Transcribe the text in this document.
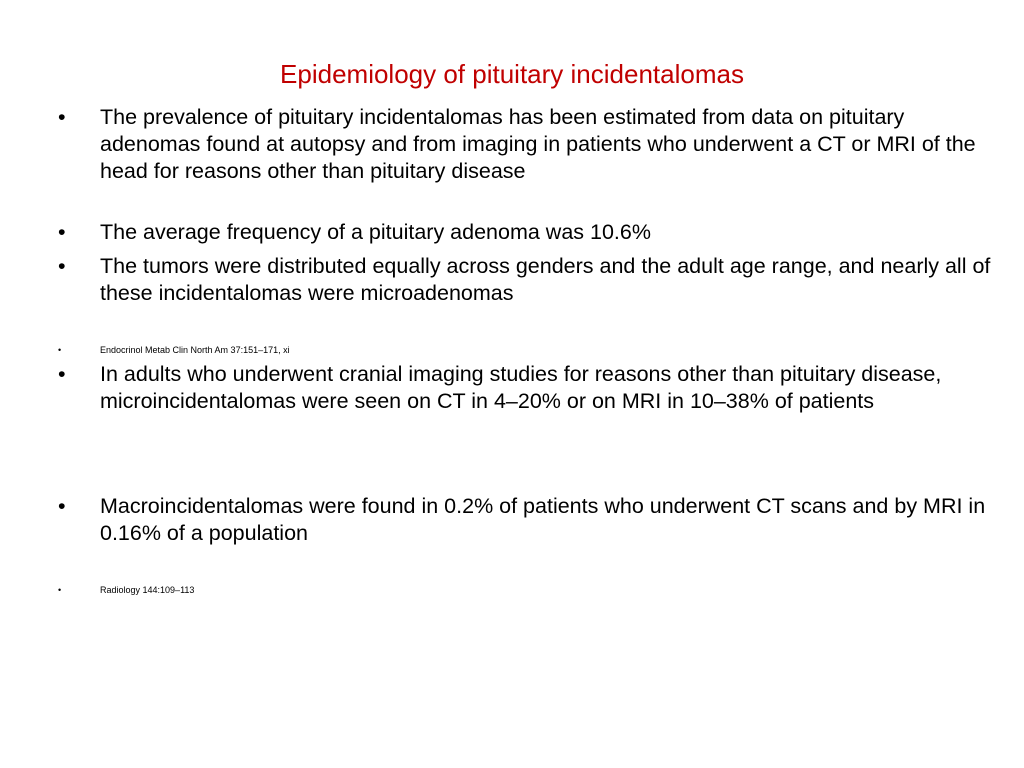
Epidemiology of pituitary incidentalomas
• The prevalence of pituitary incidentalomas has been estimated from data on pituitary adenomas found at autopsy and from imaging in patients who underwent a CT or MRI of the head for reasons other than pituitary disease
• The average frequency of a pituitary adenoma was 10.6%
• The tumors were distributed equally across genders and the adult age range, and nearly all of these incidentalomas were microadenomas
•	Endocrinol Metab Clin North Am 37:151–171, xi
• In adults who underwent cranial imaging studies for reasons other than pituitary disease, microincidentalomas were seen on CT in 4–20% or on MRI in 10–38% of patients
• Macroincidentalomas were found in 0.2% of patients who underwent CT scans and by MRI in 0.16% of a population
•	Radiology 144:109–113
